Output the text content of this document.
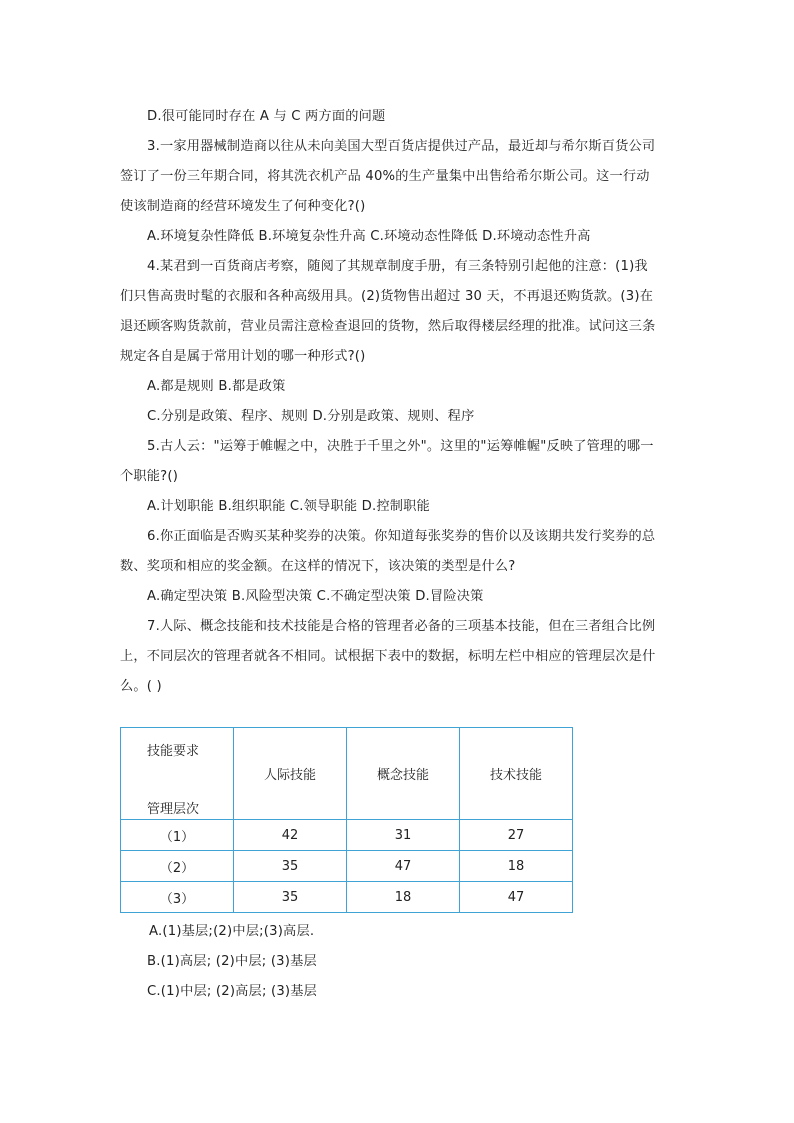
D.很可能同时存在 A 与 C 两方面的问题
3.一家用器械制造商以往从未向美国大型百货店提供过产品，最近却与希尔斯百货公司
签订了一份三年期合同，将其洗衣机产品 40%的生产量集中出售给希尔斯公司。这一行动
使该制造商的经营环境发生了何种变化?()
A.环境复杂性降低 B.环境复杂性升高 C.环境动态性降低 D.环境动态性升高
4.某君到一百货商店考察，随阅了其规章制度手册，有三条特别引起他的注意：(1)我
们只售高贵时髦的衣服和各种高级用具。(2)货物售出超过 30 天，不再退还购货款。(3)在
退还顾客购货款前，营业员需注意检查退回的货物，然后取得楼层经理的批准。试问这三条
规定各自是属于常用计划的哪一种形式?()
A.都是规则 B.都是政策
C.分别是政策、程序、规则 D.分别是政策、规则、程序
5.古人云："运筹于帷幄之中，决胜于千里之外"。这里的"运筹帷幄"反映了管理的哪一
个职能?()
A.计划职能 B.组织职能 C.领导职能 D.控制职能
6.你正面临是否购买某种奖券的决策。你知道每张奖券的售价以及该期共发行奖券的总
数、奖项和相应的奖金额。在这样的情况下，该决策的类型是什么?
A.确定型决策 B.风险型决策 C.不确定型决策 D.冒险决策
7.人际、概念技能和技术技能是合格的管理者必备的三项基本技能，但在三者组合比例
上，不同层次的管理者就各不相同。试根据下表中的数据，标明左栏中相应的管理层次是什
么。( )
技能要求
管理层次	人际技能	概念技能	技术技能
（1）	42	31	27
（2）	35	47	18
（3）	35	18	47
A.(1)基层;(2)中层;(3)高层.
B.(1)高层; (2)中层; (3)基层
C.(1)中层; (2)高层; (3)基层
